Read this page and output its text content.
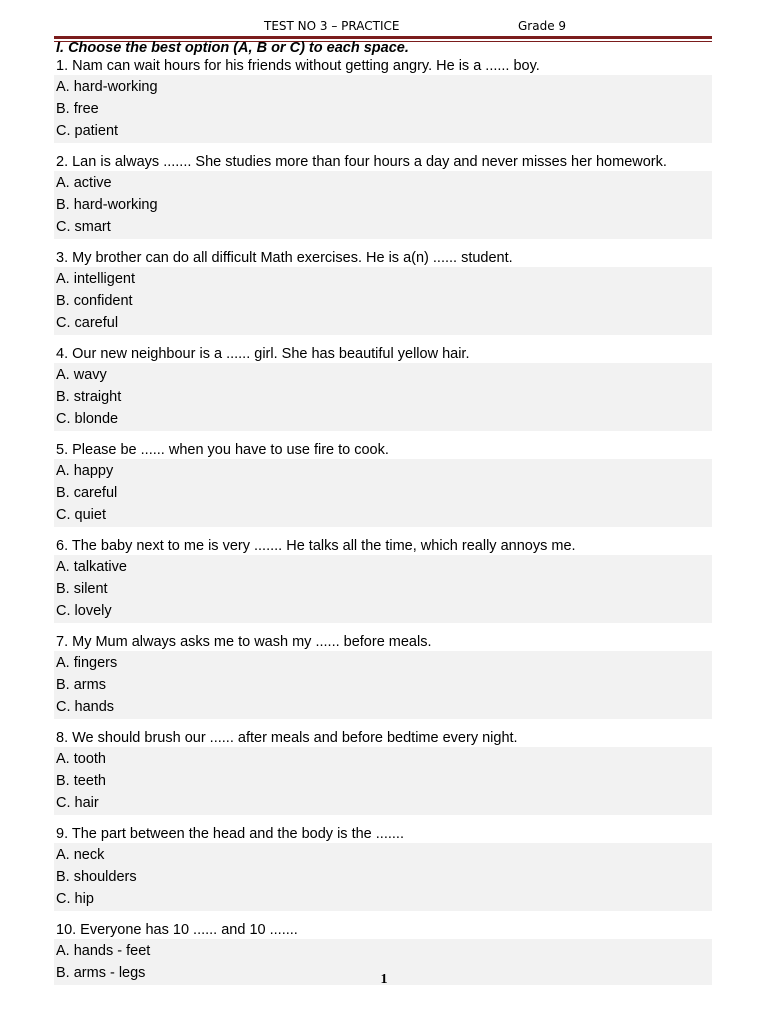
TEST NO 3 – PRACTICE	Grade 9
I. Choose the best option (A, B or C) to each space.
1. Nam can wait hours for his friends without getting angry. He is a ...... boy.
A. hard-working
B. free
C. patient
2. Lan is always ....... She studies more than four hours a day and never misses her homework.
A. active
B. hard-working
C. smart
3. My brother can do all difficult Math exercises. He is a(n) ...... student.
A. intelligent
B. confident
C. careful
4. Our new neighbour is a ...... girl. She has beautiful yellow hair.
A. wavy
B. straight
C. blonde
5. Please be ...... when you have to use fire to cook.
A. happy
B. careful
C. quiet
6. The baby next to me is very ....... He talks all the time, which really annoys me.
A. talkative
B. silent
C. lovely
7. My Mum always asks me to wash my ...... before meals.
A. fingers
B. arms
C. hands
8. We should brush our ...... after meals and before bedtime every night.
A. tooth
B. teeth
C. hair
9. The part between the head and the body is the .......
A. neck
B. shoulders
C. hip
10. Everyone has 10 ...... and 10 .......
A. hands - feet
B. arms - legs	1
